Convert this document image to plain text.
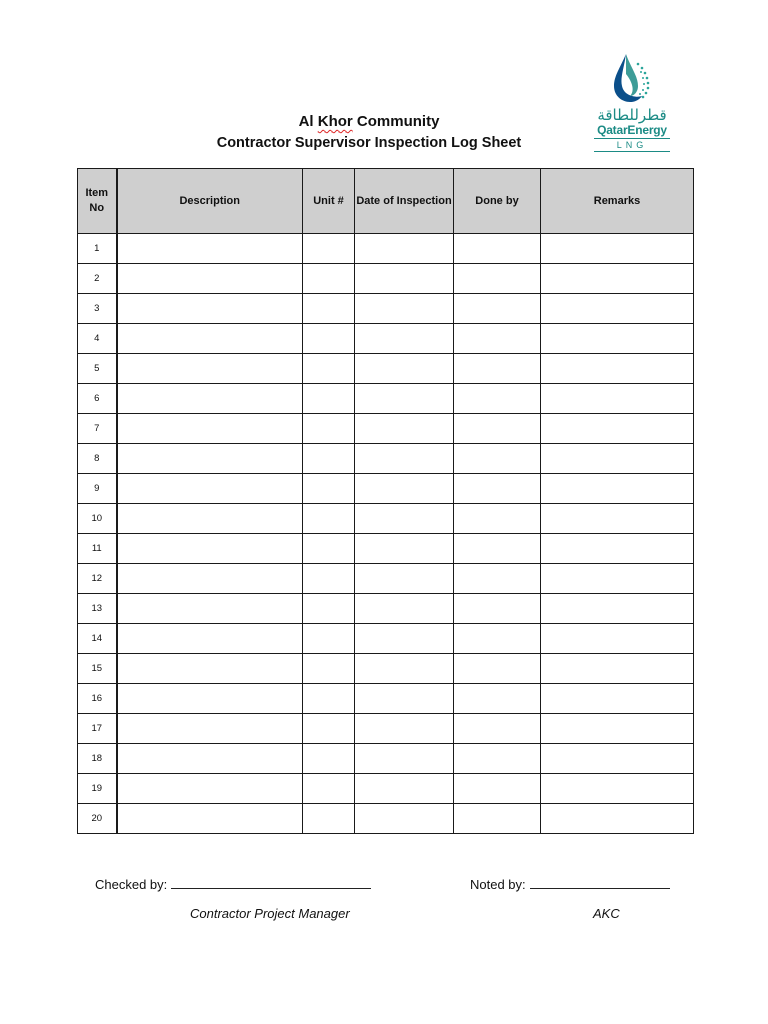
قطرللطاقة
QatarEnergy
LNG
Al Khor Community
Contractor Supervisor Inspection Log Sheet
Item No	Description	Unit #	Date of Inspection	Done by	Remarks
1					
2					
3					
4					
5					
6					
7					
8					
9					
10					
11					
12					
13					
14					
15					
16					
17					
18					
19					
20					
Checked by:
Contractor Project Manager
Noted by:
AKC
